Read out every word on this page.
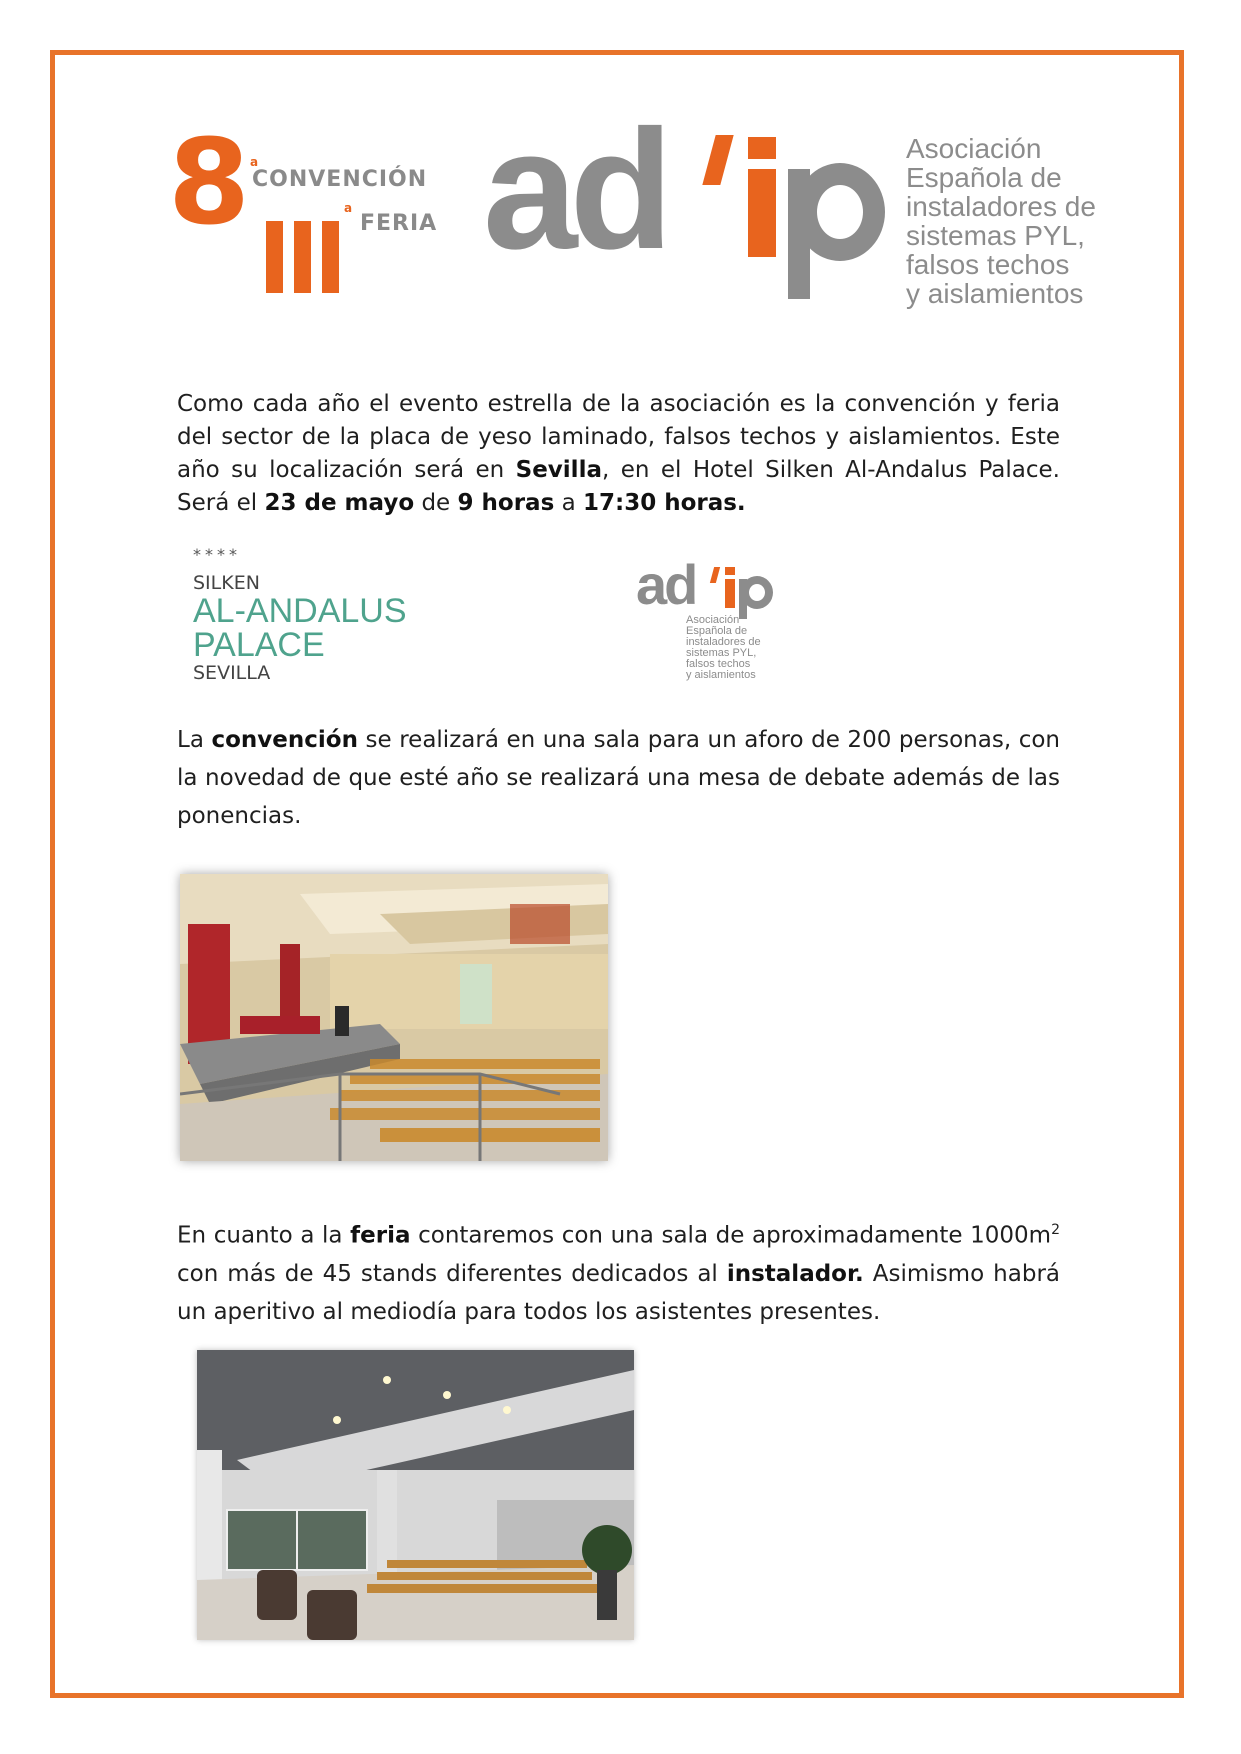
8 a
CONVENCIÓN
a
FERIA ad	Asociación
Española de
instaladores de
sistemas PYL,
falsos techos
y aislamientos
Como cada año el evento estrella de la asociación es la convención y feria del sector de la placa de yeso laminado, falsos techos y aislamientos. Este año su localización será en Sevilla, en el Hotel Silken Al-Andalus Palace. Será el 23 de mayo de 9 horas a 17:30 horas.
****
SILKEN
AL-ANDALUS
PALACE
SEVILLA
ad
Asociación
Española de
instaladores de
sistemas PYL,
falsos techos
y aislamientos
La convención se realizará en una sala para un aforo de 200 personas, con la novedad de que esté año se realizará una mesa de debate además de las ponencias.
En cuanto a la feria contaremos con una sala de aproximadamente $1000m^2$ con más de 45 stands diferentes dedicados al instalador. Asimismo habrá un aperitivo al mediodía para todos los asistentes presentes.
